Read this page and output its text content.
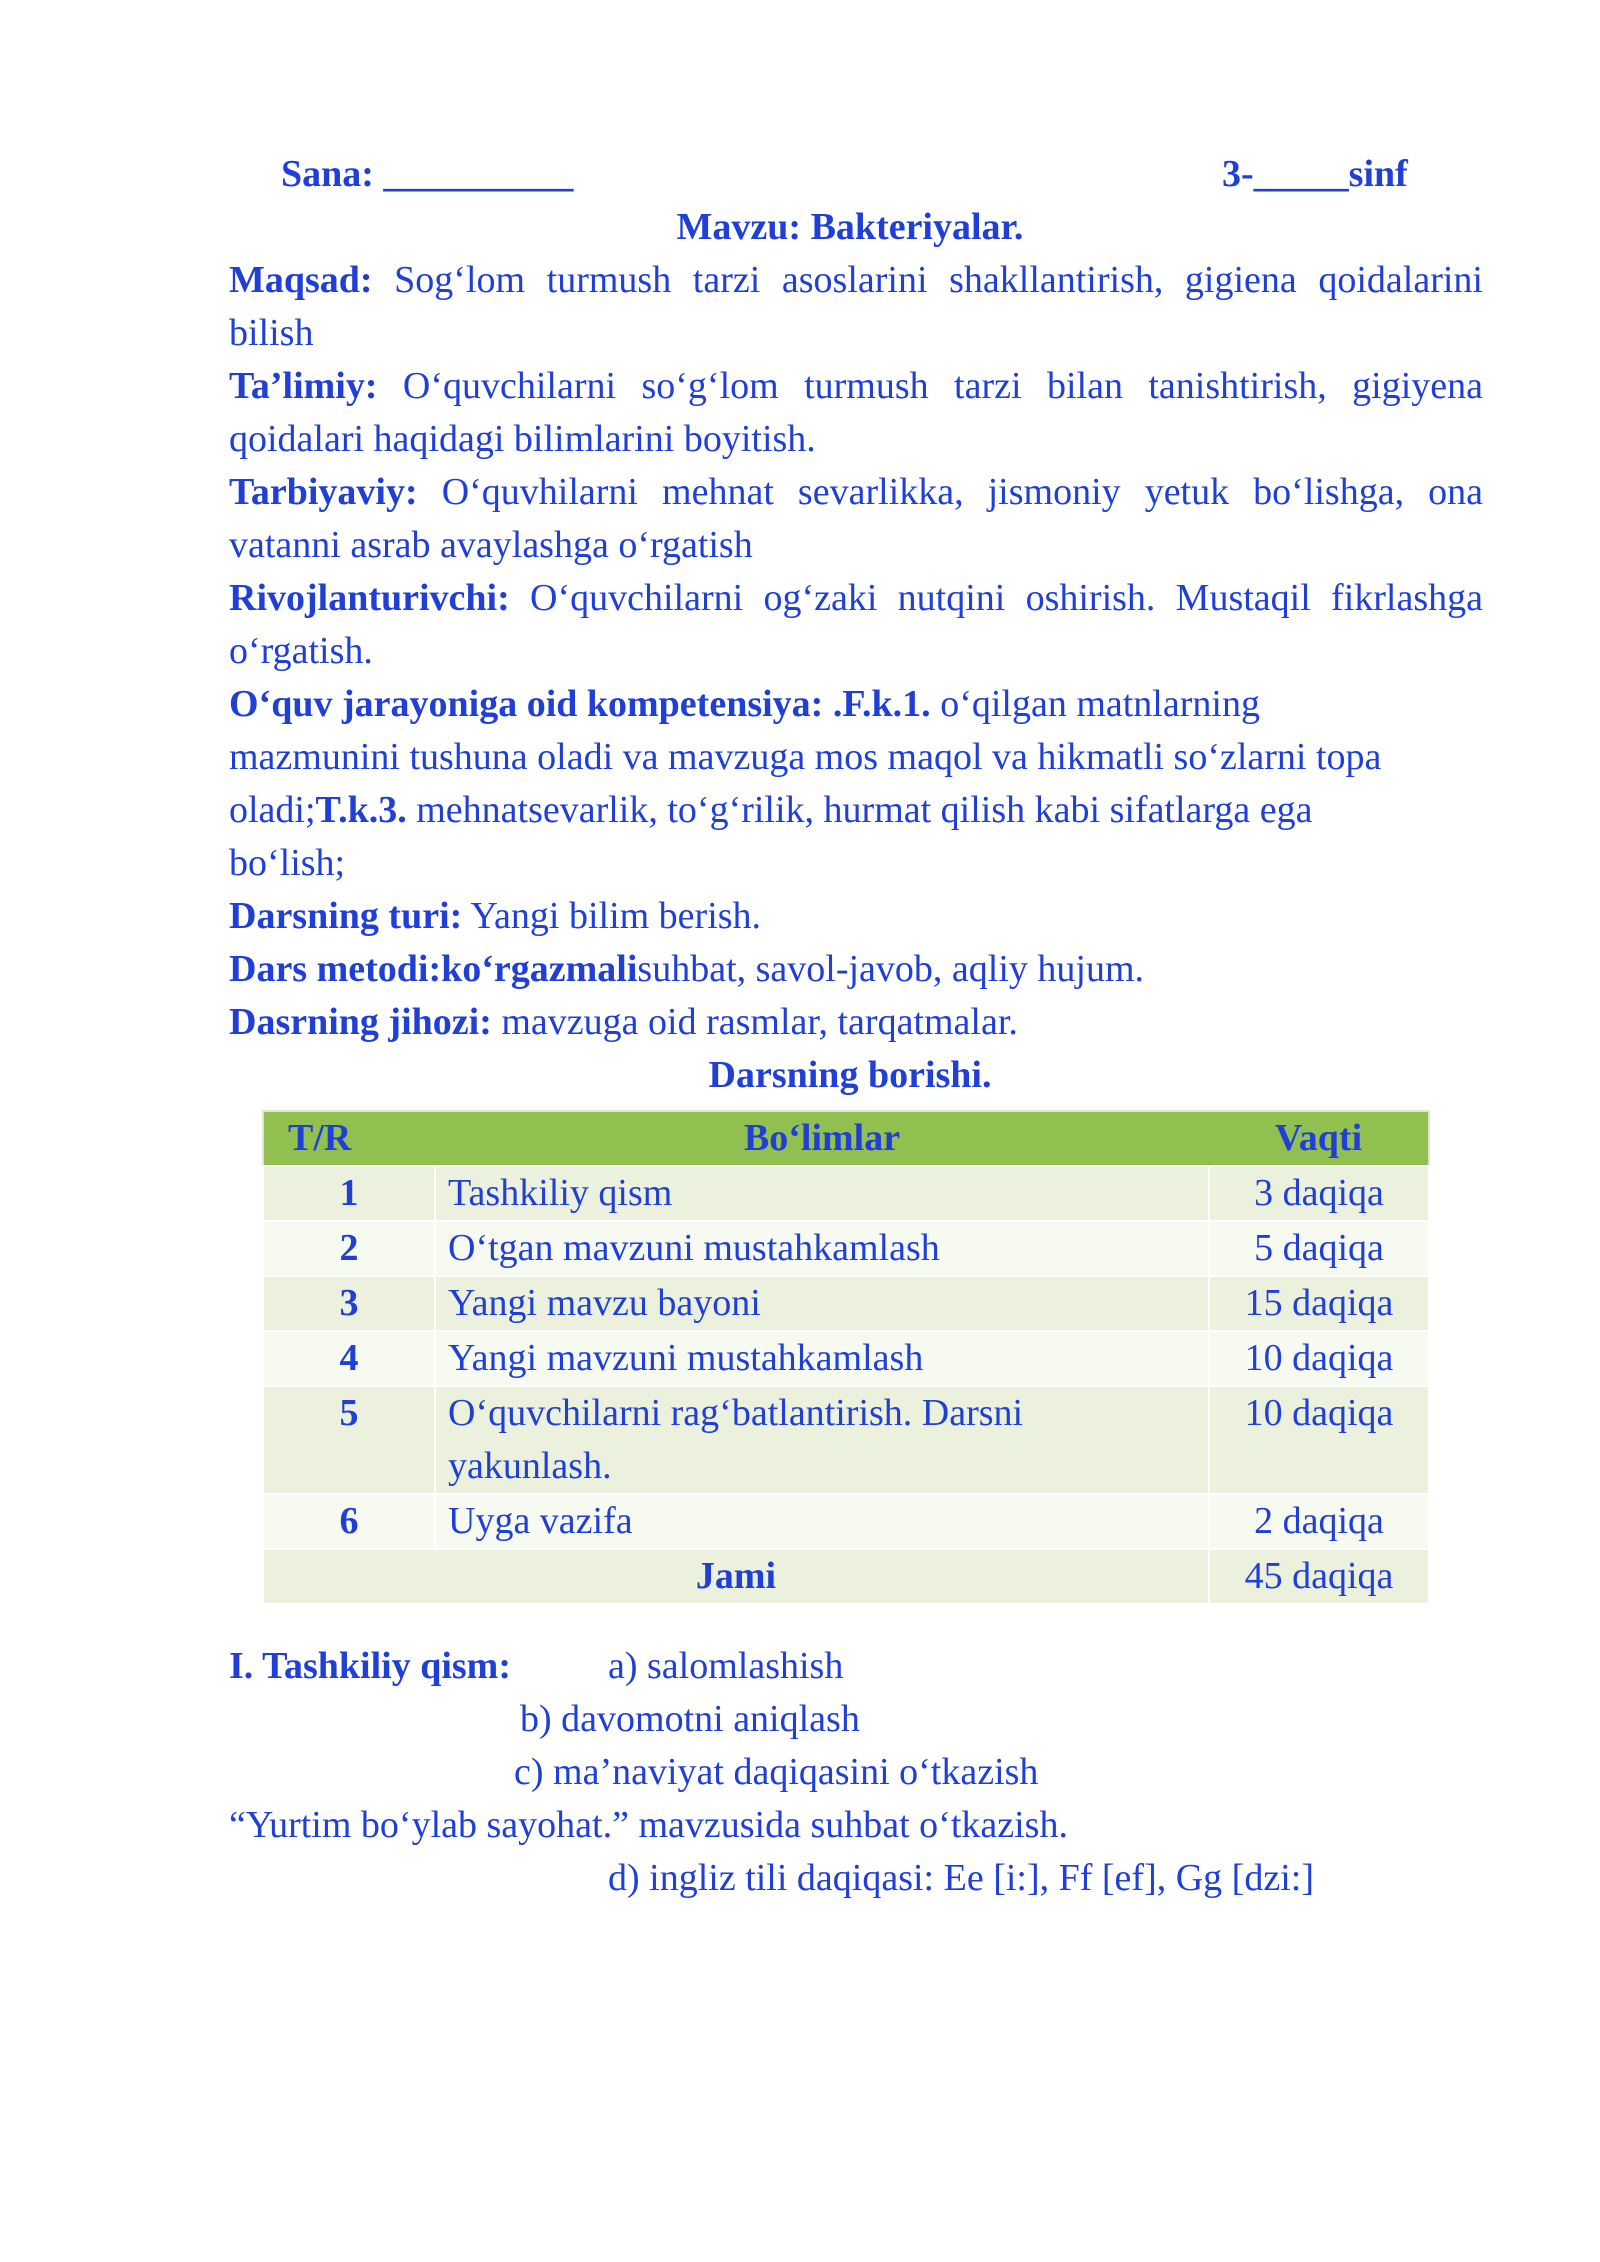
Sana: __________	3-_____sinf
Mavzu: Bakteriyalar.
Maqsad: Sog‘lom turmush tarzi asoslarini shakllantirish, gigiena qoidalarini
bilish
Ta’limiy: O‘quvchilarni so‘g‘lom turmush tarzi bilan tanishtirish, gigiyena
qoidalari haqidagi bilimlarini boyitish.
Tarbiyaviy: O‘quvhilarni mehnat sevarlikka, jismoniy yetuk bo‘lishga, ona
vatanni asrab avaylashga o‘rgatish
Rivojlanturivchi: O‘quvchilarni og‘zaki nutqini oshirish. Mustaqil fikrlashga
o‘rgatish.
O‘quv jarayoniga oid kompetensiya: .F.k.1. o‘qilgan matnlarning
mazmunini tushuna oladi va mavzuga mos maqol va hikmatli so‘zlarni topa
oladi;T.k.3. mehnatsevarlik, to‘g‘rilik, hurmat qilish kabi sifatlarga ega
bo‘lish;
Darsning turi: Yangi bilim berish.
Dars metodi:ko‘rgazmalisuhbat, savol-javob, aqliy hujum.
Dasrning jihozi: mavzuga oid rasmlar, tarqatmalar.
Darsning borishi.
T/R	Bo‘limlar	Vaqti
1	Tashkiliy qism	3 daqiqa
2	O‘tgan mavzuni mustahkamlash	5 daqiqa
3	Yangi mavzu bayoni	15 daqiqa
4	Yangi mavzuni mustahkamlash	10 daqiqa
5	O‘quvchilarni rag‘batlantirish. Darsni yakunlash.	10 daqiqa
6	Uyga vazifa	2 daqiqa
Jami		45 daqiqa
I. Tashkiliy qism:	a) salomlashish
b) davomotni aniqlash
c) ma’naviyat daqiqasini o‘tkazish
“Yurtim bo‘ylab sayohat.” mavzusida suhbat o‘tkazish.
d) ingliz tili daqiqasi: Ee [i:], Ff [ef], Gg [dzi:]
